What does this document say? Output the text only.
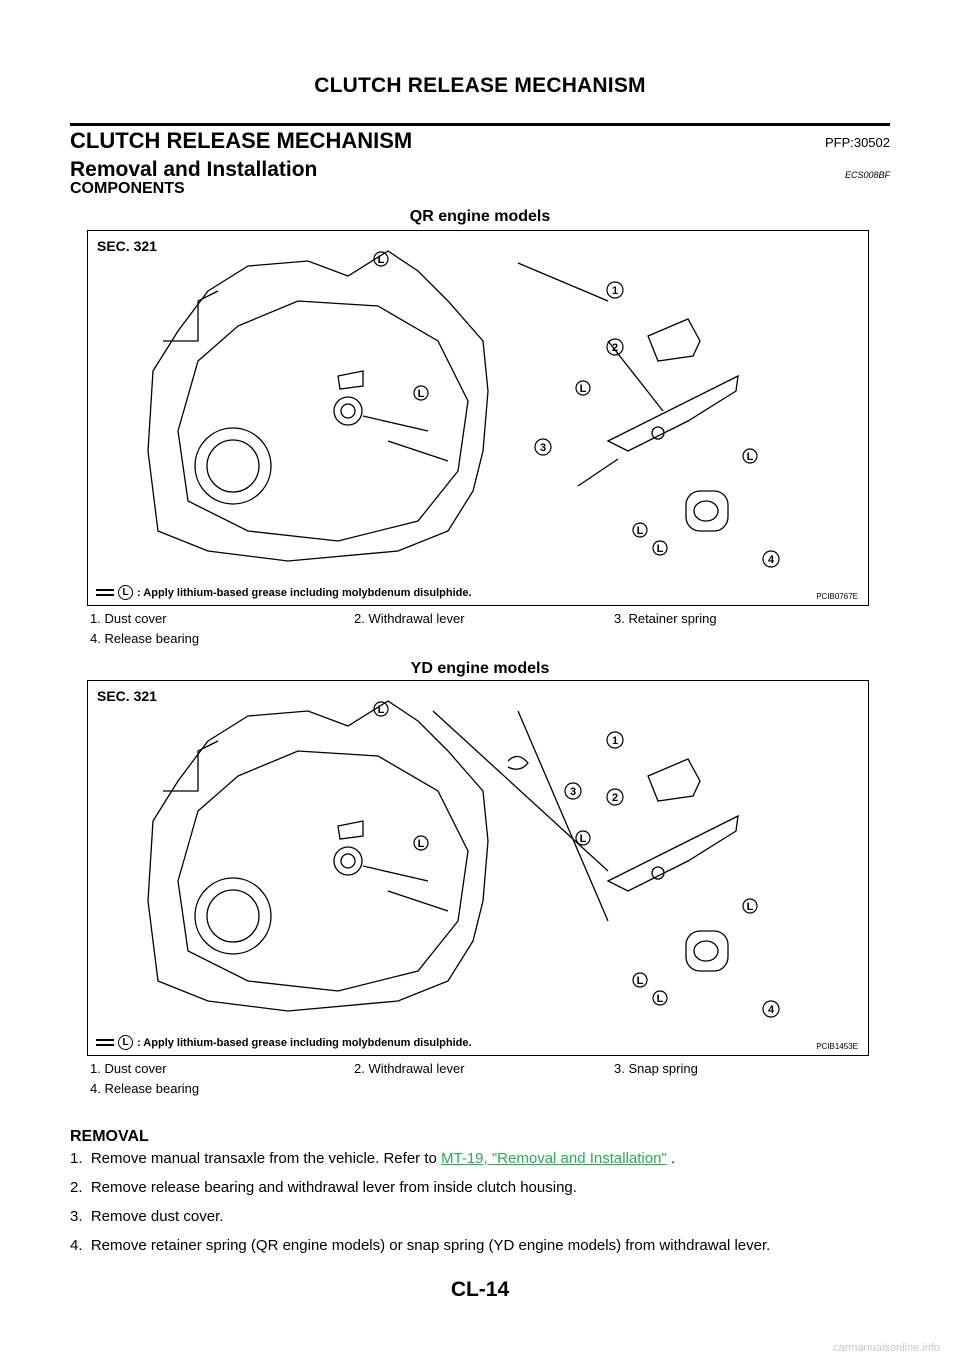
CLUTCH RELEASE MECHANISM
CLUTCH RELEASE MECHANISM	PFP:30502
Removal and Installation	ECS008BF
COMPONENTS
QR engine models
SEC. 321
1
2
3
4
L
L	L
L
L
L
L : Apply lithium-based grease including molybdenum disulphide.	PCIB0767E
1. Dust cover	2. Withdrawal lever	3. Retainer spring
4. Release bearing
YD engine models
SEC. 321
1
2
3
4
L
L	L
L
L
L
L : Apply lithium-based grease including molybdenum disulphide.	PCIB1453E
1. Dust cover	2. Withdrawal lever	3. Snap spring
4. Release bearing
REMOVAL
1.  Remove manual transaxle from the vehicle. Refer to MT-19, "Removal and Installation" .
2.  Remove release bearing and withdrawal lever from inside clutch housing.
3.  Remove dust cover.
4.  Remove retainer spring (QR engine models) or snap spring (YD engine models) from withdrawal lever.
CL-14
carmanualsonline.info
